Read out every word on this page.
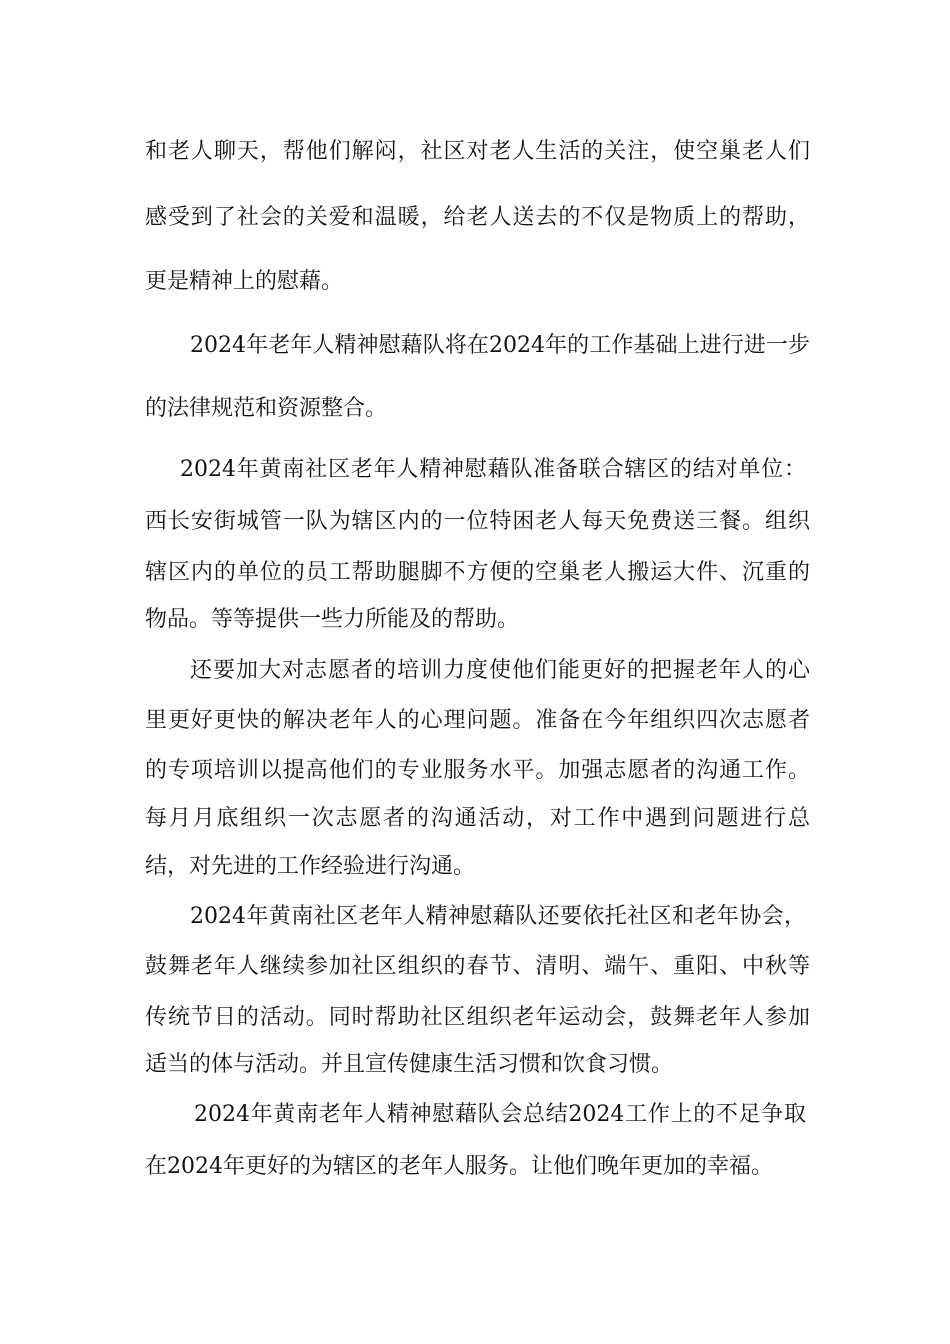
和老人聊天，帮他们解闷，社区对老人生活的关注，使空巢老人们
感受到了社会的关爱和温暖，给老人送去的不仅是物质上的帮助，
更是精神上的慰藉。
2024年老年人精神慰藉队将在2024年的工作基础上进行进一步
的法律规范和资源整合。
2024年黄南社区老年人精神慰藉队准备联合辖区的结对单位：
西长安街城管一队为辖区内的一位特困老人每天免费送三餐。组织
辖区内的单位的员工帮助腿脚不方便的空巢老人搬运大件、沉重的
物品。等等提供一些力所能及的帮助。
还要加大对志愿者的培训力度使他们能更好的把握老年人的心
里更好更快的解决老年人的心理问题。准备在今年组织四次志愿者
的专项培训以提高他们的专业服务水平。加强志愿者的沟通工作。
每月月底组织一次志愿者的沟通活动，对工作中遇到问题进行总
结，对先进的工作经验进行沟通。
2024年黄南社区老年人精神慰藉队还要依托社区和老年协会，
鼓舞老年人继续参加社区组织的春节、清明、端午、重阳、中秋等
传统节日的活动。同时帮助社区组织老年运动会，鼓舞老年人参加
适当的体与活动。并且宣传健康生活习惯和饮食习惯。
2024年黄南老年人精神慰藉队会总结2024工作上的不足争取
在2024年更好的为辖区的老年人服务。让他们晚年更加的幸福。
